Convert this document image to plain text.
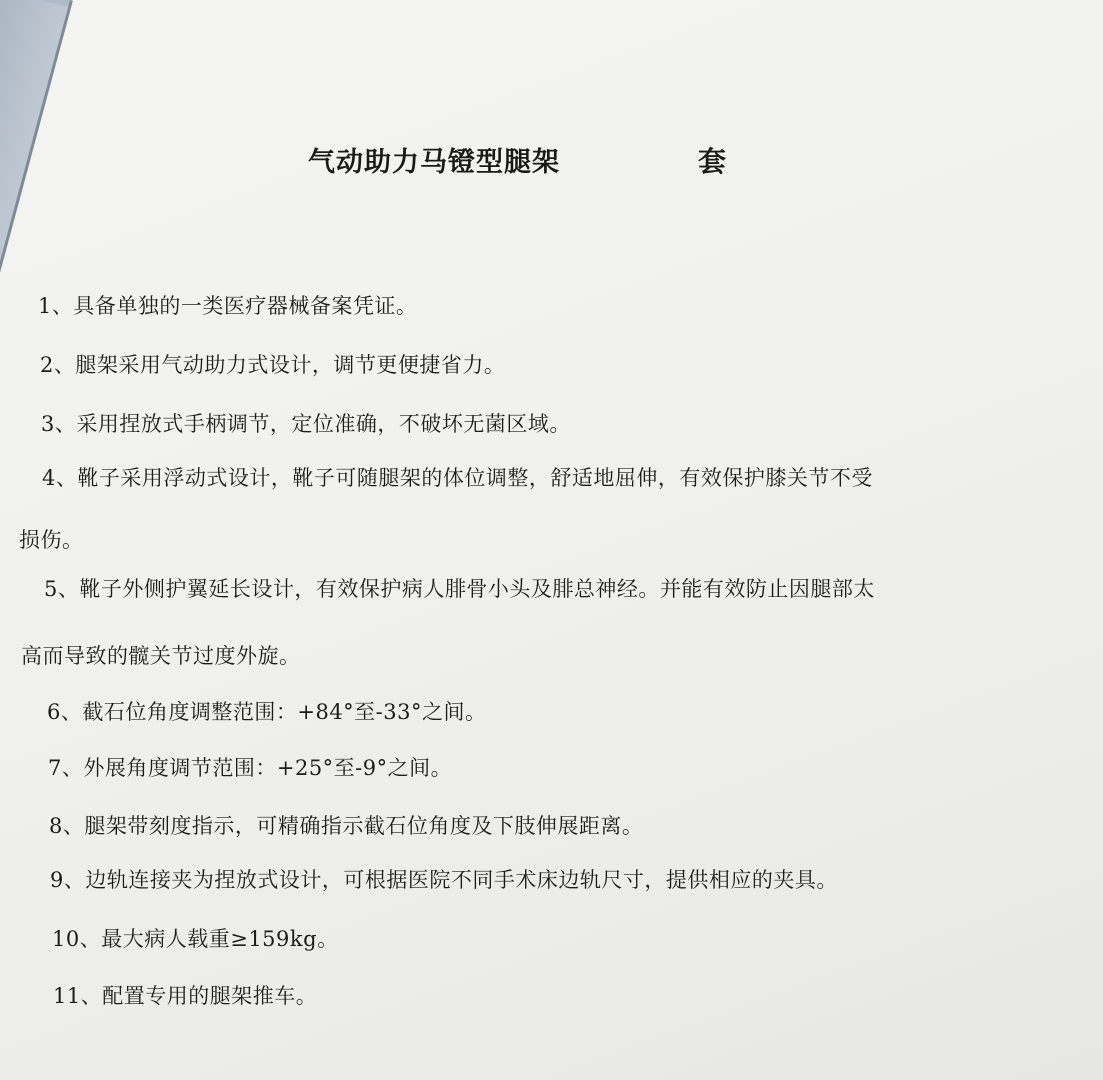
气动助力马镫型腿架	套
1、具备单独的一类医疗器械备案凭证。
2、腿架采用气动助力式设计，调节更便捷省力。
3、采用捏放式手柄调节，定位准确，不破坏无菌区域。
4、靴子采用浮动式设计，靴子可随腿架的体位调整，舒适地屈伸，有效保护膝关节不受
损伤。
5、靴子外侧护翼延长设计，有效保护病人腓骨小头及腓总神经。并能有效防止因腿部太
高而导致的髋关节过度外旋。
6、截石位角度调整范围：+84°至-33°之间。
7、外展角度调节范围：+25°至-9°之间。
8、腿架带刻度指示，可精确指示截石位角度及下肢伸展距离。
9、边轨连接夹为捏放式设计，可根据医院不同手术床边轨尺寸，提供相应的夹具。
10、最大病人载重≥159kg。
11、配置专用的腿架推车。
